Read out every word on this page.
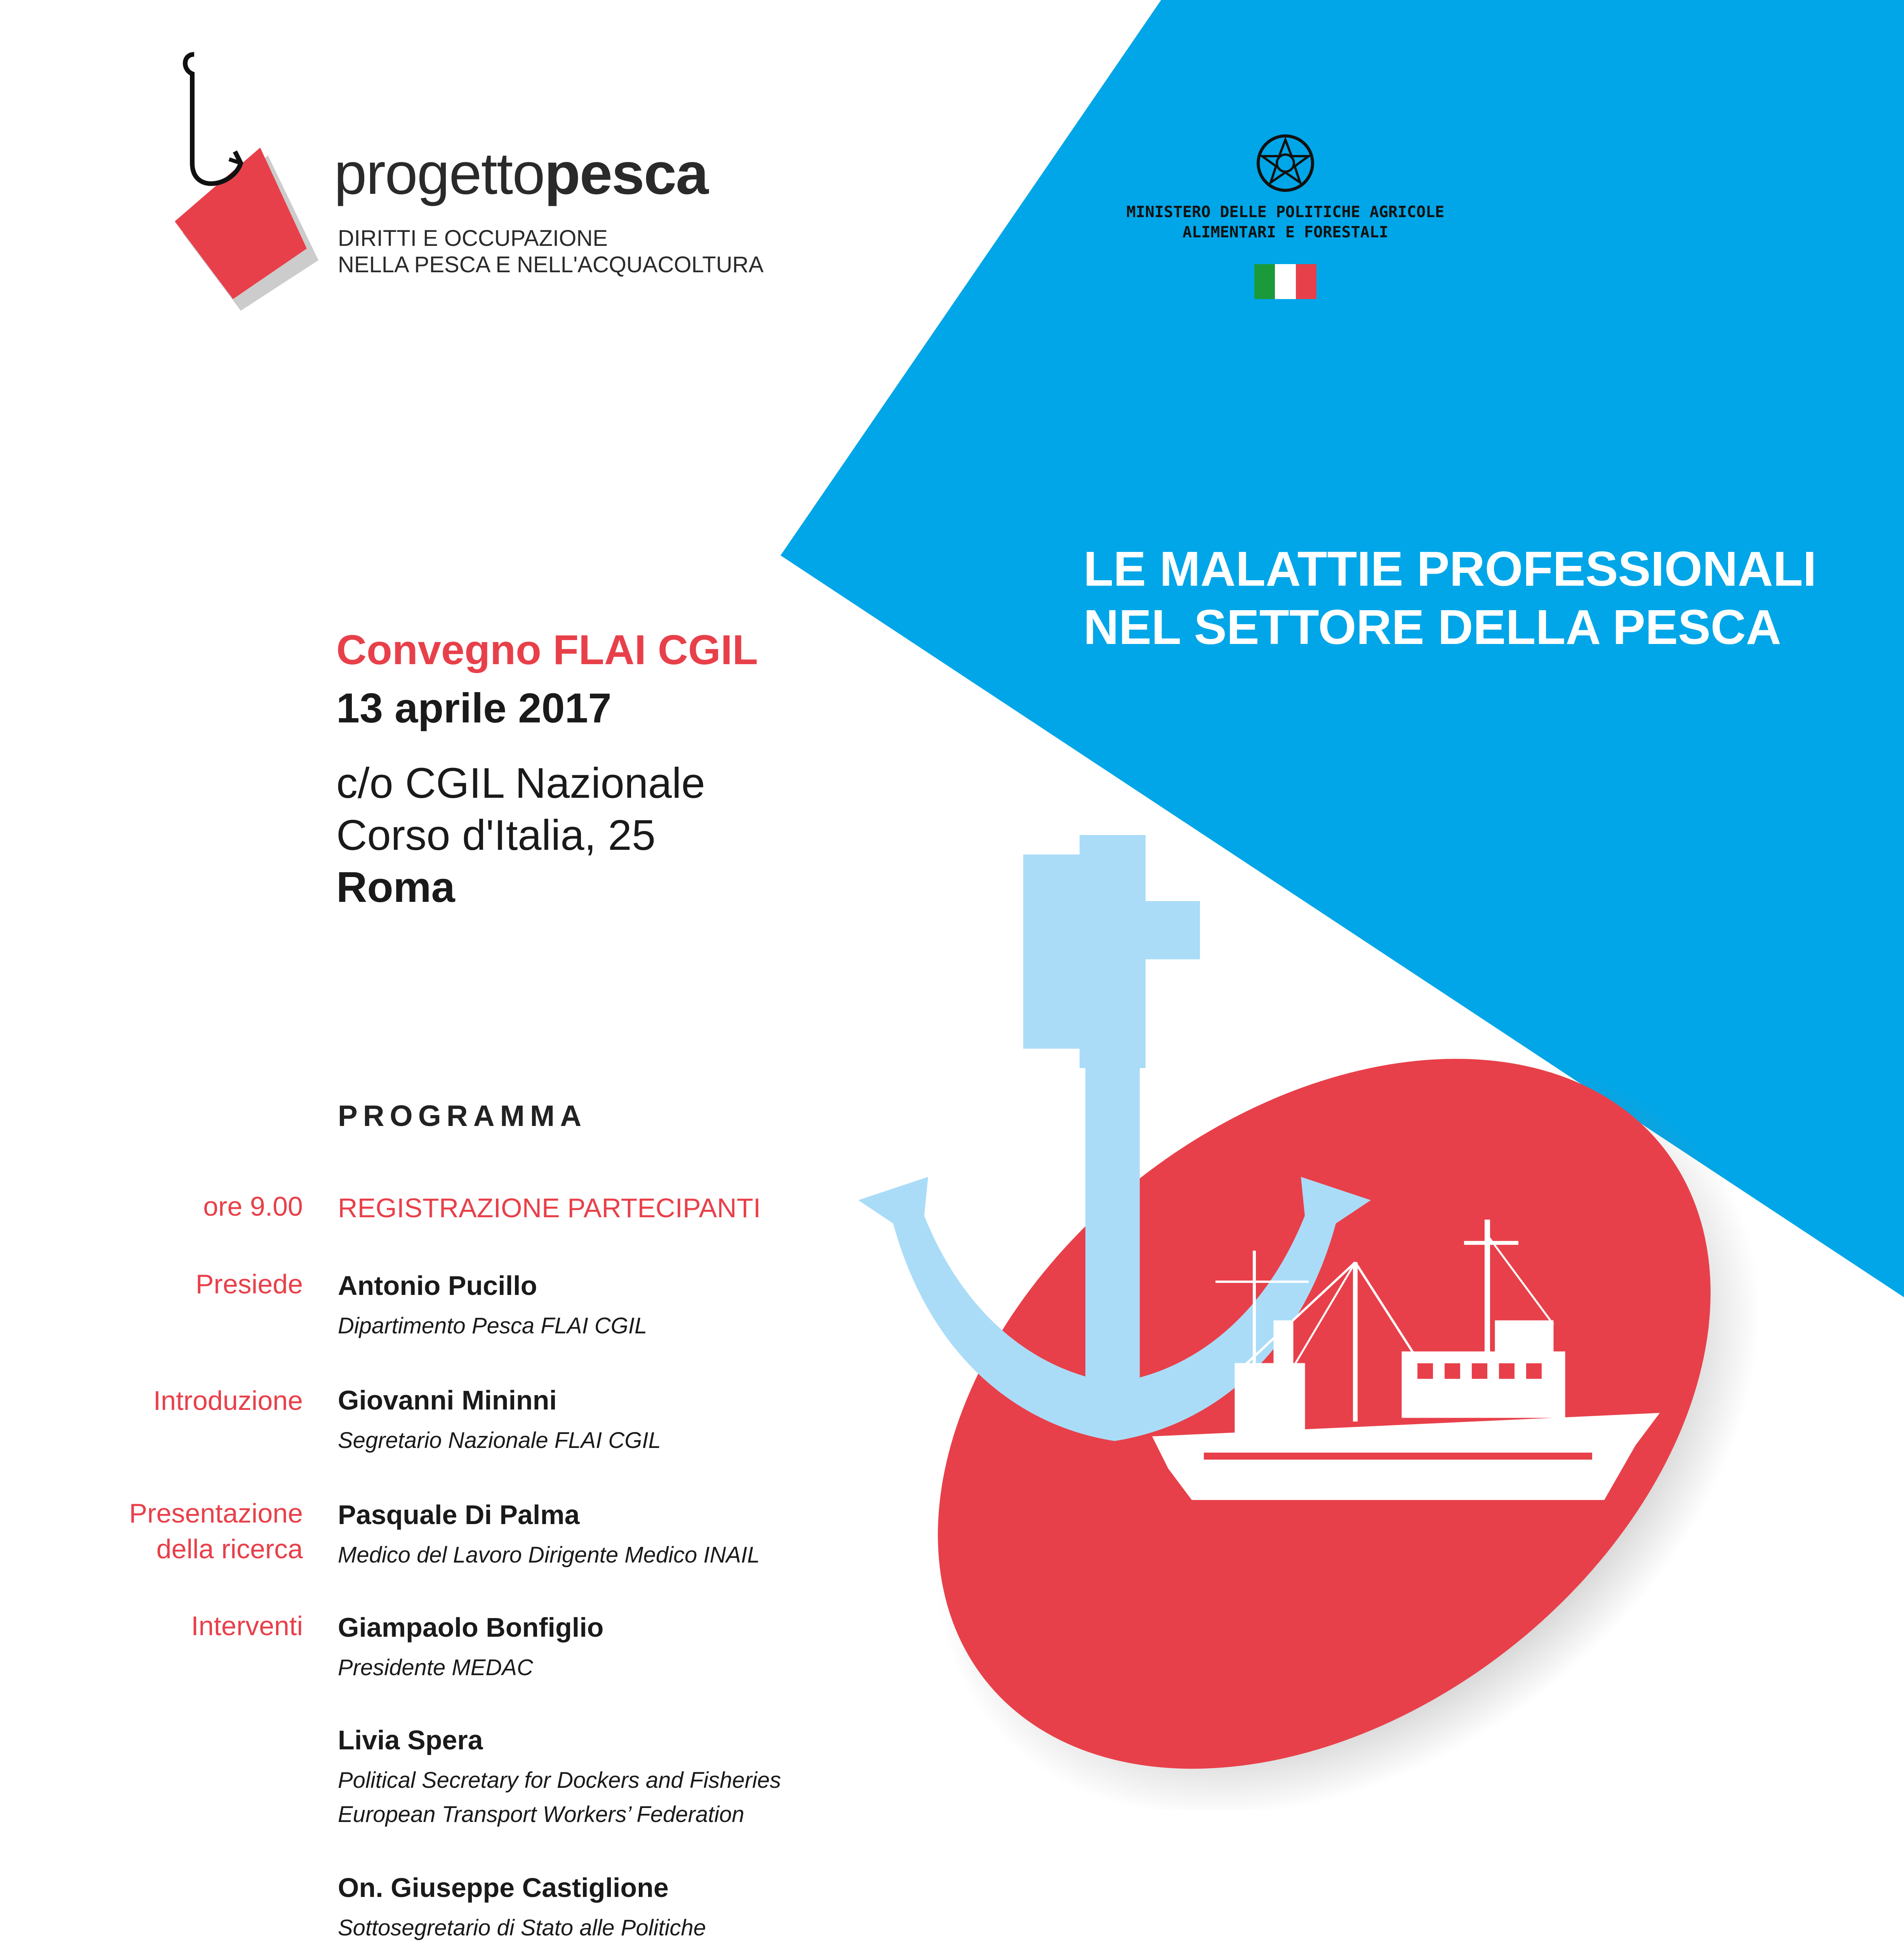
progettopesca
DIRITTI E OCCUPAZIONE
NELLA PESCA E NELL'ACQUACOLTURA
MINISTERO DELLE POLITICHE AGRICOLE
ALIMENTARI E FORESTALI
LE MALATTIE PROFESSIONALI
NEL SETTORE DELLA PESCA
Convegno FLAI CGIL
13 aprile 2017
c/o CGIL Nazionale
Corso d'Italia, 25
Roma
PROGRAMMA
ore 9.00 REGISTRAZIONE PARTECIPANTI
Presiede Antonio Pucillo
Dipartimento Pesca FLAI CGIL
Introduzione Giovanni Mininni
Segretario Nazionale FLAI CGIL
Presentazione
della ricerca
Pasquale Di Palma
Medico del Lavoro Dirigente Medico INAIL
Interventi Giampaolo Bonfiglio
Presidente MEDAC
Livia Spera
Political Secretary for Dockers and Fisheries
European Transport Workers’ Federation
On. Giuseppe Castiglione
Sottosegretario di Stato alle Politiche
